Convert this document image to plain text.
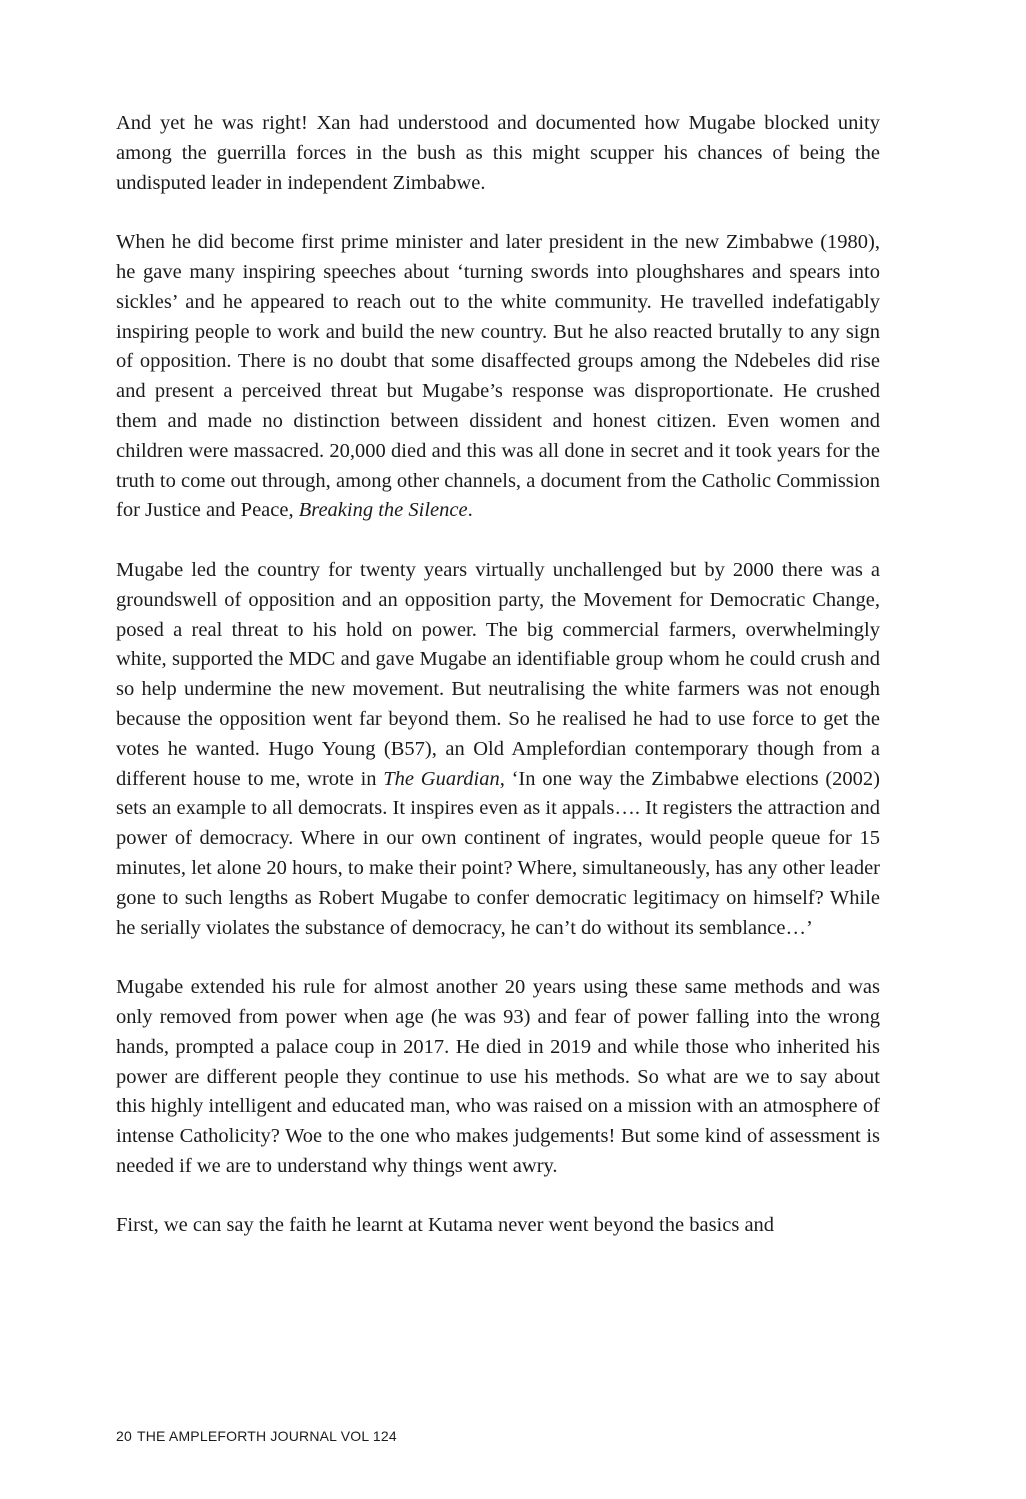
And yet he was right! Xan had understood and documented how Mugabe blocked unity among the guerrilla forces in the bush as this might scupper his chances of being the undisputed leader in independent Zimbabwe.

When he did become first prime minister and later president in the new Zimbabwe (1980), he gave many inspiring speeches about ‘turning swords into ploughshares and spears into sickles’ and he appeared to reach out to the white community. He travelled indefatigably inspiring people to work and build the new country. But he also reacted brutally to any sign of opposition. There is no doubt that some disaffected groups among the Ndebeles did rise and present a perceived threat but Mugabe’s response was disproportionate. He crushed them and made no distinction between dissident and honest citizen. Even women and children were massacred. 20,000 died and this was all done in secret and it took years for the truth to come out through, among other channels, a document from the Catholic Commission for Justice and Peace, Breaking the Silence.

Mugabe led the country for twenty years virtually unchallenged but by 2000 there was a groundswell of opposition and an opposition party, the Movement for Democratic Change, posed a real threat to his hold on power. The big commercial farmers, overwhelmingly white, supported the MDC and gave Mugabe an identifiable group whom he could crush and so help undermine the new movement. But neutralising the white farmers was not enough because the opposition went far beyond them. So he realised he had to use force to get the votes he wanted. Hugo Young (B57), an Old Amplefordian contemporary though from a different house to me, wrote in The Guardian, ‘In one way the Zimbabwe elections (2002) sets an example to all democrats. It inspires even as it appals…. It registers the attraction and power of democracy. Where in our own continent of ingrates, would people queue for 15 minutes, let alone 20 hours, to make their point? Where, simultaneously, has any other leader gone to such lengths as Robert Mugabe to confer democratic legitimacy on himself? While he serially violates the substance of democracy, he can’t do without its semblance…’

Mugabe extended his rule for almost another 20 years using these same methods and was only removed from power when age (he was 93) and fear of power falling into the wrong hands, prompted a palace coup in 2017. He died in 2019 and while those who inherited his power are different people they continue to use his methods. So what are we to say about this highly intelligent and educated man, who was raised on a mission with an atmosphere of intense Catholicity? Woe to the one who makes judgements! But some kind of assessment is needed if we are to understand why things went awry.

First, we can say the faith he learnt at Kutama never went beyond the basics and

20 THE AMPLEFORTH JOURNAL VOL 124
